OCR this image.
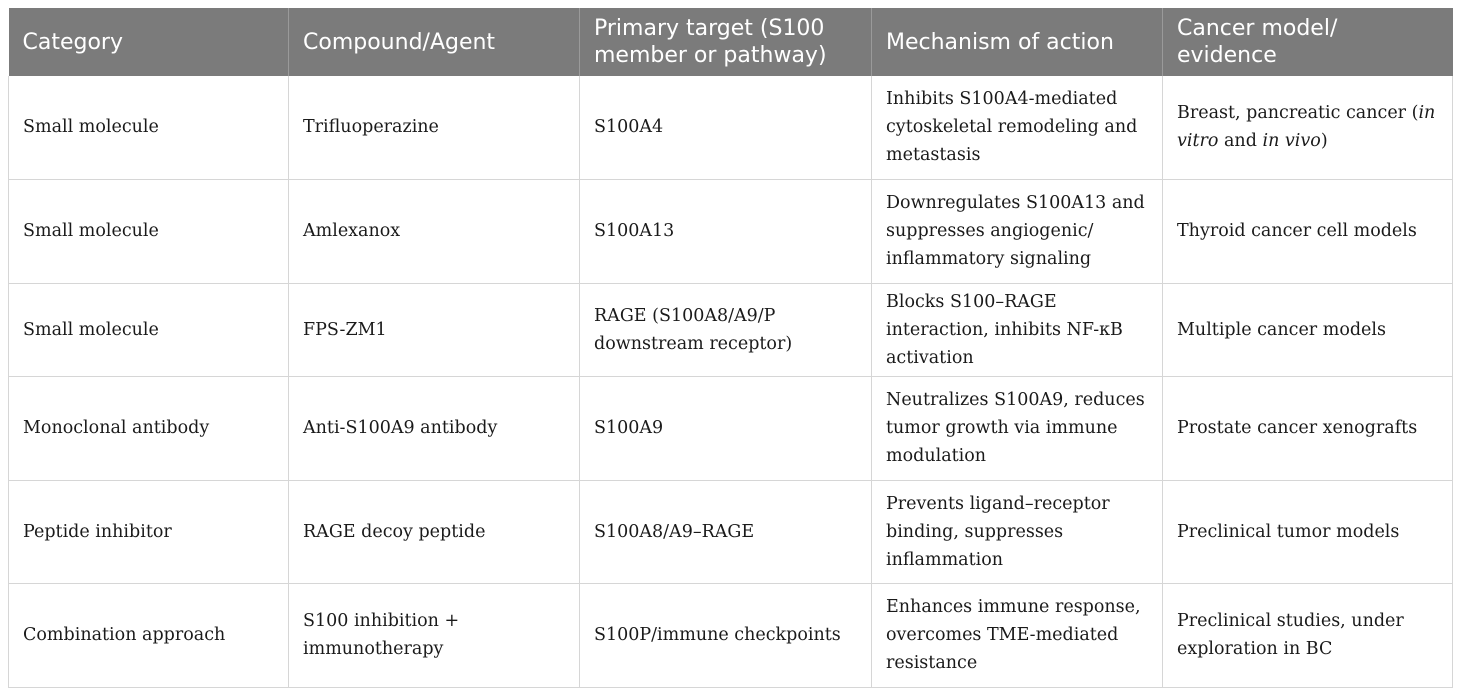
Category	Compound/Agent	Primary target (S100 member or pathway)	Mechanism of action	Cancer model/ evidence
Small molecule	Trifluoperazine	S100A4	Inhibits S100A4-mediated cytoskeletal remodeling and metastasis	Breast, pancreatic cancer (in vitro and in vivo)
Small molecule	Amlexanox	S100A13	Downregulates S100A13 and suppresses angiogenic/ inflammatory signaling	Thyroid cancer cell models
Small molecule	FPS-ZM1	RAGE (S100A8/A9/P downstream receptor)	Blocks S100–RAGE interaction, inhibits NF-κB activation	Multiple cancer models
Monoclonal antibody	Anti-S100A9 antibody	S100A9	Neutralizes S100A9, reduces tumor growth via immune modulation	Prostate cancer xenografts
Peptide inhibitor	RAGE decoy peptide	S100A8/A9–RAGE	Prevents ligand–receptor binding, suppresses inflammation	Preclinical tumor models
Combination approach	S100 inhibition + immunotherapy	S100P/immune checkpoints	Enhances immune response, overcomes TME-mediated resistance	Preclinical studies, under exploration in BC
